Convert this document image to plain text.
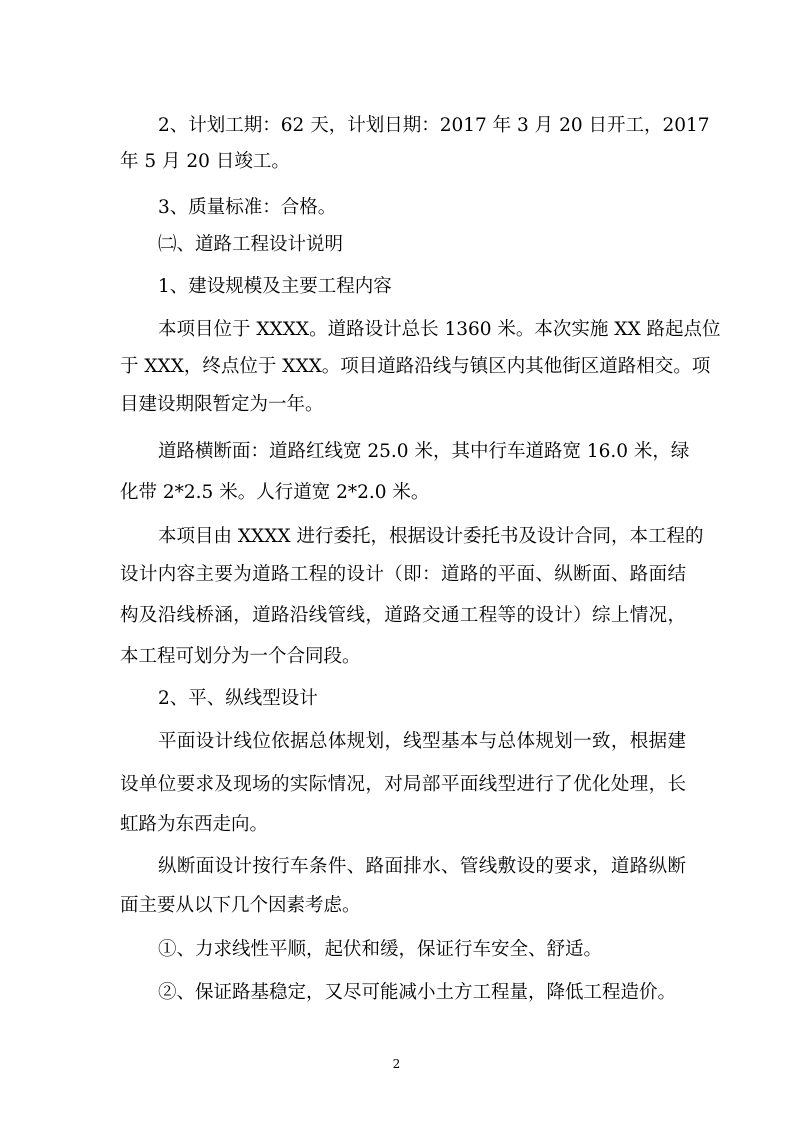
2、计划工期：62 天，计划日期：2017 年 3 月 20 日开工，2017
年 5 月 20 日竣工。
3、质量标准：合格。
㈡、道路工程设计说明
1、建设规模及主要工程内容
本项目位于 XXXX。道路设计总长 1360 米。本次实施 XX 路起点位
于 XXX，终点位于 XXX。项目道路沿线与镇区内其他街区道路相交。项
目建设期限暂定为一年。
道路横断面：道路红线宽 25.0 米，其中行车道路宽 16.0 米，绿
化带 2*2.5 米。人行道宽 2*2.0 米。
本项目由 XXXX 进行委托，根据设计委托书及设计合同，本工程的
设计内容主要为道路工程的设计（即：道路的平面、纵断面、路面结
构及沿线桥涵，道路沿线管线，道路交通工程等的设计）综上情况，
本工程可划分为一个合同段。
2、平、纵线型设计
平面设计线位依据总体规划，线型基本与总体规划一致，根据建
设单位要求及现场的实际情况，对局部平面线型进行了优化处理，长
虹路为东西走向。
纵断面设计按行车条件、路面排水、管线敷设的要求，道路纵断
面主要从以下几个因素考虑。
①、力求线性平顺，起伏和缓，保证行车安全、舒适。
②、保证路基稳定，又尽可能减小土方工程量，降低工程造价。
2
